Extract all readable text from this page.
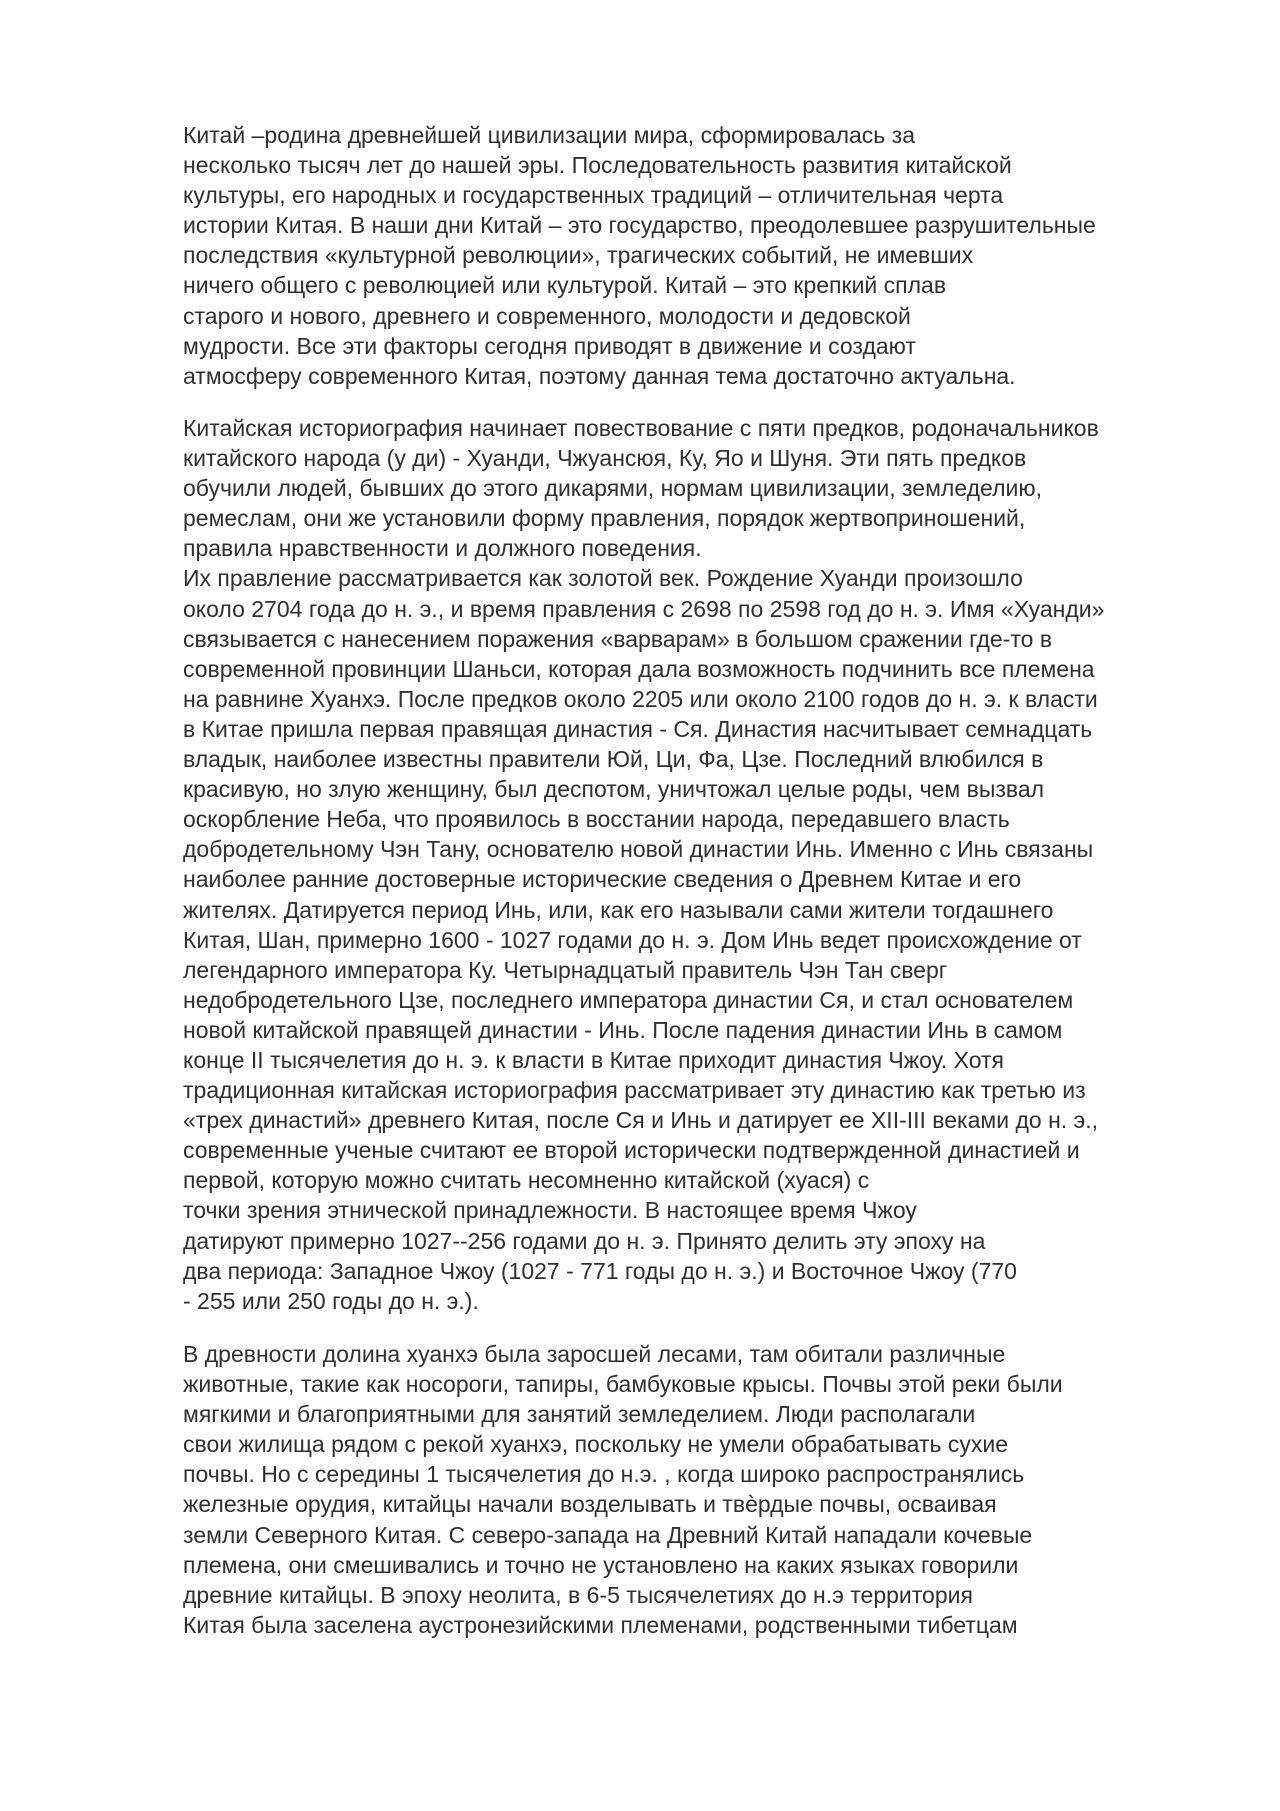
Китай –родина древнейшей цивилизации мира, сформировалась за
несколько тысяч лет до нашей эры. Последовательность развития китайской
культуры, его народных и государственных традиций – отличительная черта
истории Китая. В наши дни Китай – это государство, преодолевшее разрушительные
последствия «культурной революции», трагических событий, не имевших
ничего общего с революцией или культурой. Китай – это крепкий сплав
старого и нового, древнего и современного, молодости и дедовской
мудрости. Все эти факторы сегодня приводят в движение и создают
атмосферу современного Китая, поэтому данная тема достаточно актуальна.
Китайская историография начинает повествование с пяти предков, родоначальников
китайского народа (у ди) - Хуанди, Чжуансюя, Ку, Яо и Шуня. Эти пять предков
обучили людей, бывших до этого дикарями, нормам цивилизации, земледелию,
ремеслам, они же установили форму правления, порядок жертвоприношений,
правила нравственности и должного поведения.
Их правление рассматривается как золотой век. Рождение Хуанди произошло
около 2704 года до н. э., и время правления с 2698 по 2598 год до н. э. Имя «Хуанди»
связывается с нанесением поражения «варварам» в большом сражении где-то в
современной провинции Шаньси, которая дала возможность подчинить все племена
на равнине Хуанхэ. После предков около 2205 или около 2100 годов до н. э. к власти
в Китае пришла первая правящая династия - Ся. Династия насчитывает семнадцать
владык, наиболее известны правители Юй, Ци, Фа, Цзе. Последний влюбился в
красивую, но злую женщину, был деспотом, уничтожал целые роды, чем вызвал
оскорбление Неба, что проявилось в восстании народа, передавшего власть
добродетельному Чэн Тану, основателю новой династии Инь. Именно с Инь связаны
наиболее ранние достоверные исторические сведения о Древнем Китае и его
жителях. Датируется период Инь, или, как его называли сами жители тогдашнего
Китая, Шан, примерно 1600 - 1027 годами до н. э. Дом Инь ведет происхождение от
легендарного императора Ку. Четырнадцатый правитель Чэн Тан сверг
недобродетельного Цзе, последнего императора династии Ся, и стал основателем
новой китайской правящей династии - Инь. После падения династии Инь в самом
конце II тысячелетия до н. э. к власти в Китае приходит династия Чжоу. Хотя
традиционная китайская историография рассматривает эту династию как третью из
«трех династий» древнего Китая, после Ся и Инь и датирует ее XII-III веками до н. э.,
современные ученые считают ее второй исторически подтвержденной династией и
первой, которую можно считать несомненно китайской (хуася) с
точки зрения этнической принадлежности. В настоящее время Чжоу
датируют примерно 1027--256 годами до н. э. Принято делить эту эпоху на
два периода: Западное Чжоу (1027 - 771 годы до н. э.) и Восточное Чжоу (770
- 255 или 250 годы до н. э.).
В древности долина хуанхэ была заросшей лесами, там обитали различные
животные, такие как носороги, тапиры, бамбуковые крысы. Почвы этой реки были
мягкими и благоприятными для занятий земледелием. Люди располагали
свои жилища рядом с рекой хуанхэ, поскольку не умели обрабатывать сухие
почвы. Но с середины 1 тысячелетия до н.э. , когда широко распространялись
железные орудия, китайцы начали возделывать и твѐрдые почвы, осваивая
земли Северного Китая. С северо-запада на Древний Китай нападали кочевые
племена, они смешивались и точно не установлено на каких языках говорили
древние китайцы. В эпоху неолита, в 6-5 тысячелетиях до н.э территория
Китая была заселена аустронезийскими племенами, родственными тибетцам
